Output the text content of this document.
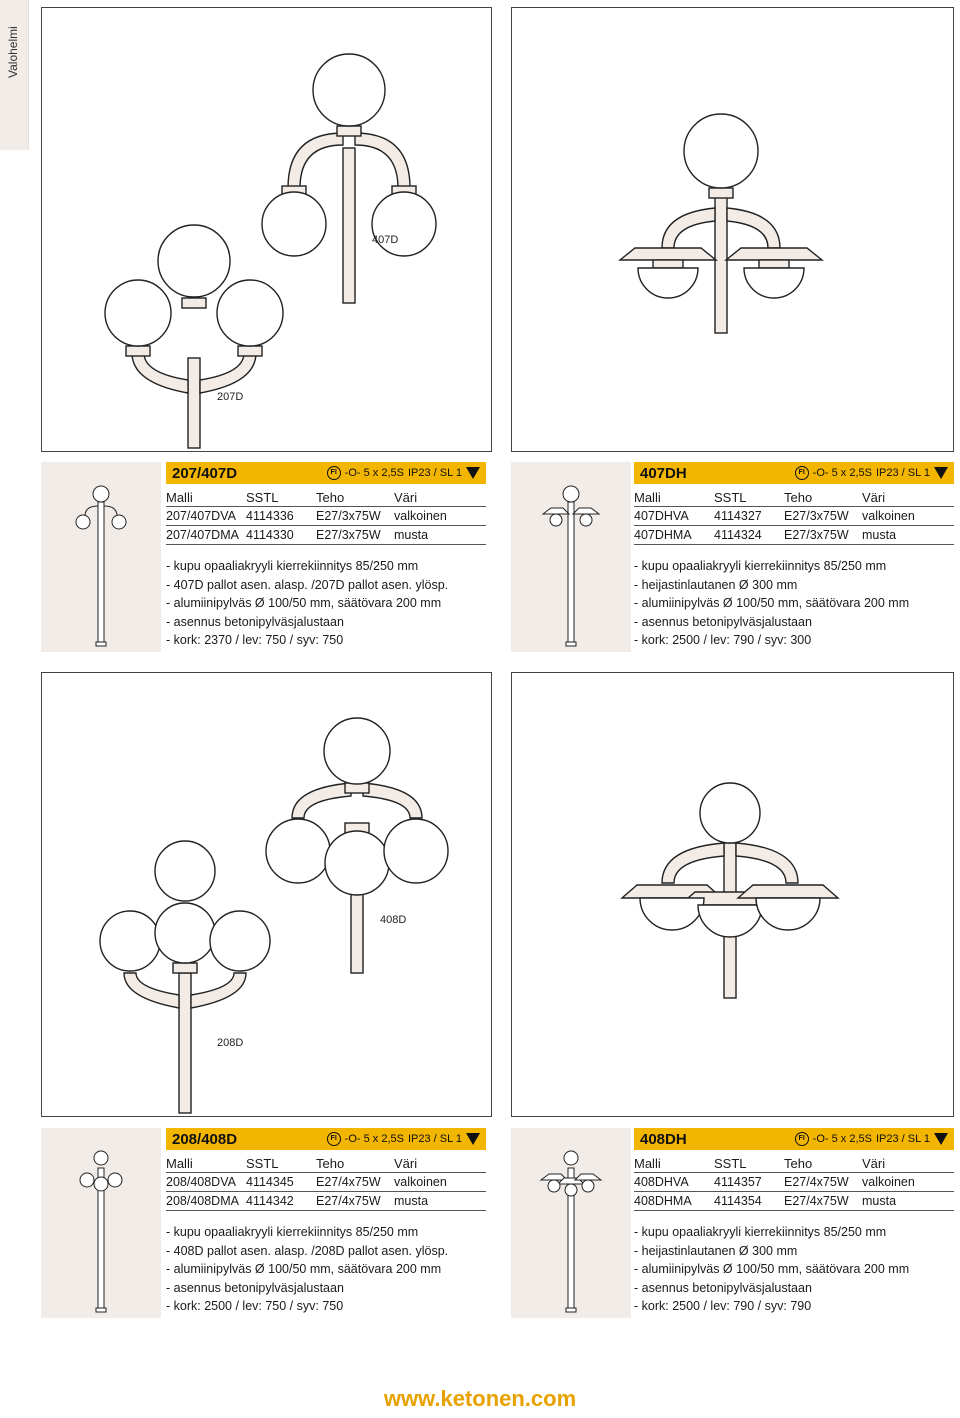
Valohelmi
407D
207D
207/407D	FI -O- 5 x 2,5S IP23 / SL 1
Malli	SSTL	Teho	Väri
207/407DVA 4114336	E27/3x75W	valkoinen
207/407DMA 4114330	E27/3x75W	musta
- kupu opaaliakryyli kierrekiinnitys 85/250 mm
- 407D pallot asen. alasp. /207D pallot asen. ylösp.
- alumiinipylväs Ø 100/50 mm, säätövara 200 mm
- asennus betonipylväsjalustaan
- kork: 2370 / lev: 750 / syv: 750
407DH	FI -O- 5 x 2,5S IP23 / SL 1
Malli	SSTL	Teho	Väri
407DHVA	4114327	E27/3x75W	valkoinen
407DHMA	4114324	E27/3x75W	musta
- kupu opaaliakryyli kierrekiinnitys 85/250 mm
- heijastinlautanen Ø 300 mm
- alumiinipylväs Ø 100/50 mm, säätövara 200 mm
- asennus betonipylväsjalustaan
- kork: 2500 / lev: 790 / syv: 300
408D
208D
208/408D	FI -O- 5 x 2,5S IP23 / SL 1
Malli	SSTL	Teho	Väri
208/408DVA 4114345	E27/4x75W	valkoinen
208/408DMA 4114342	E27/4x75W	musta
- kupu opaaliakryyli kierrekiinnitys 85/250 mm
- 408D pallot asen. alasp. /208D pallot asen. ylösp.
- alumiinipylväs Ø 100/50 mm, säätövara 200 mm
- asennus betonipylväsjalustaan
- kork: 2500 / lev: 750 / syv: 750
408DH	FI -O- 5 x 2,5S IP23 / SL 1
Malli	SSTL	Teho	Väri
408DHVA	4114357	E27/4x75W	valkoinen
408DHMA	4114354	E27/4x75W	musta
- kupu opaaliakryyli kierrekiinnitys 85/250 mm
- heijastinlautanen Ø 300 mm
- alumiinipylväs Ø 100/50 mm, säätövara 200 mm
- asennus betonipylväsjalustaan
- kork: 2500 / lev: 790 / syv: 790
www.ketonen.com
